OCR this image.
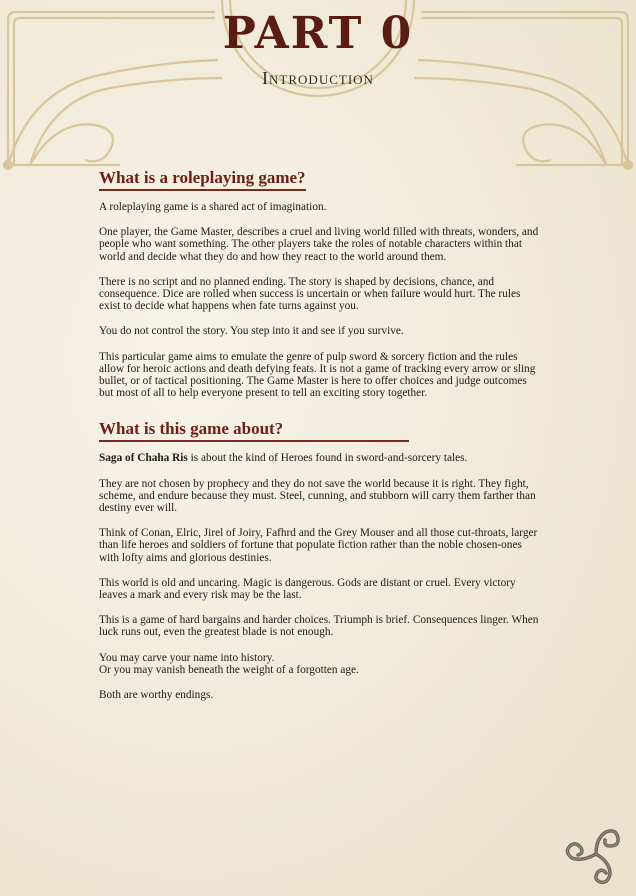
PART 0
Introduction
What is a roleplaying game?

A roleplaying game is a shared act of imagination.

One player, the Game Master, describes a cruel and living world filled with threats, wonders, and people who want something. The other players take the roles of notable characters within that world and decide what they do and how they react to the world around them.

There is no script and no planned ending. The story is shaped by decisions, chance, and consequence. Dice are rolled when success is uncertain or when failure would hurt. The rules exist to decide what happens when fate turns against you.

You do not control the story. You step into it and see if you survive.

This particular game aims to emulate the genre of pulp sword & sorcery fiction and the rules allow for heroic actions and death defying feats. It is not a game of tracking every arrow or sling bullet, or of tactical positioning. The Game Master is here to offer choices and judge outcomes but most of all to help everyone present to tell an exciting story together.

What is this game about?

Saga of Chaha Ris is about the kind of Heroes found in sword-and-sorcery tales.

They are not chosen by prophecy and they do not save the world because it is right. They fight, scheme, and endure because they must. Steel, cunning, and stubborn will carry them farther than destiny ever will.

Think of Conan, Elric, Jirel of Joiry, Fafhrd and the Grey Mouser and all those cut-throats, larger than life heroes and soldiers of fortune that populate fiction rather than the noble chosen-ones with lofty aims and glorious destinies.

This world is old and uncaring. Magic is dangerous. Gods are distant or cruel. Every victory leaves a mark and every risk may be the last.

This is a game of hard bargains and harder choices. Triumph is brief. Consequences linger. When luck runs out, even the greatest blade is not enough.

You may carve your name into history.
Or you may vanish beneath the weight of a forgotten age.

Both are worthy endings.
